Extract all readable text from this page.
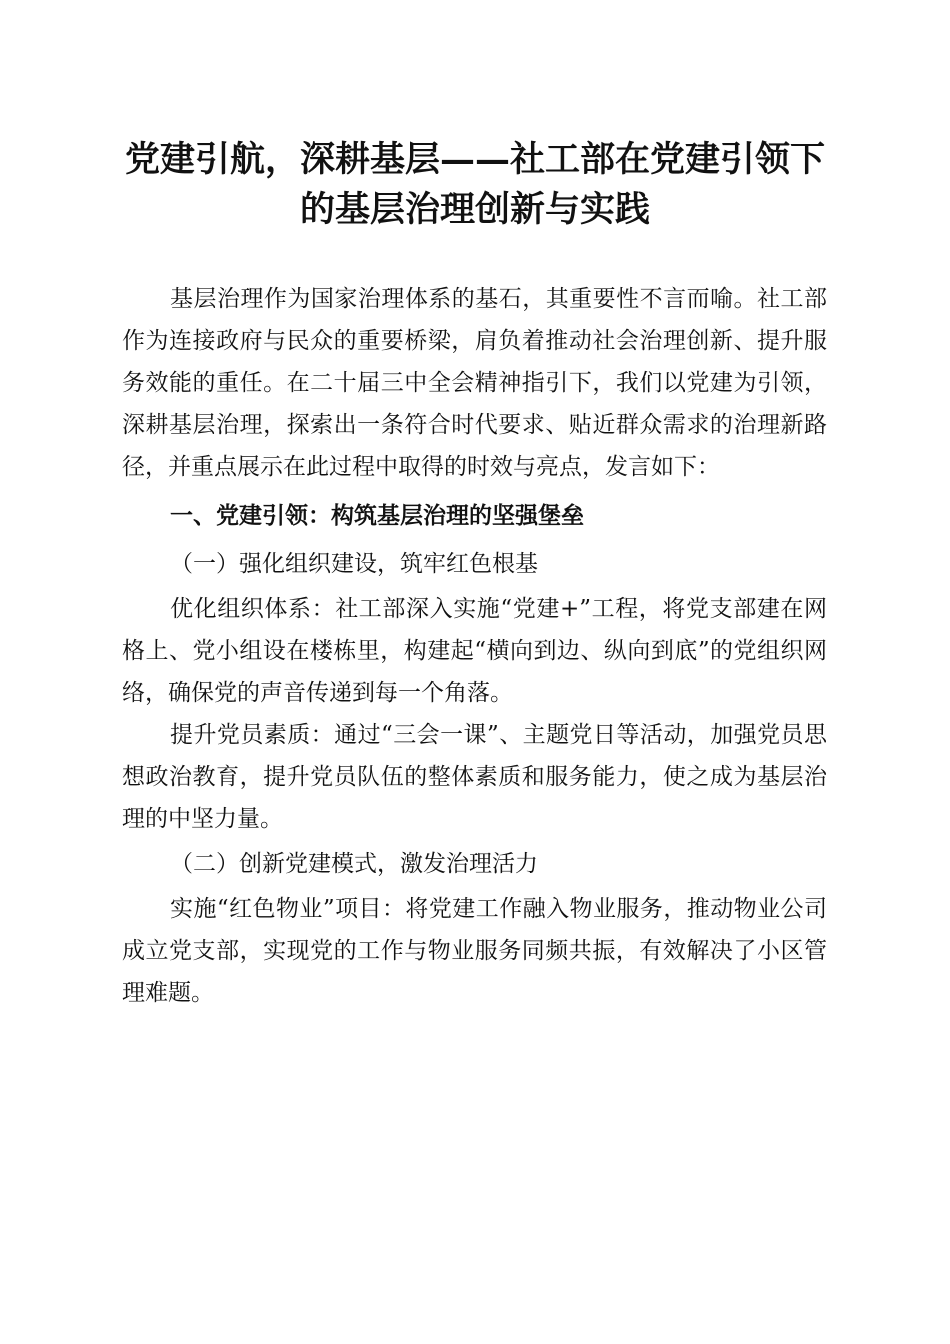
党建引航，深耕基层——社工部在党建引领下
的基层治理创新与实践

基层治理作为国家治理体系的基石，其重要性不言而喻。社工部作为连接政府与民众的重要桥梁，肩负着推动社会治理创新、提升服务效能的重任。在二十届三中全会精神指引下，我们以党建为引领，深耕基层治理，探索出一条符合时代要求、贴近群众需求的治理新路径，并重点展示在此过程中取得的时效与亮点，发言如下：

一、党建引领：构筑基层治理的坚强堡垒

（一）强化组织建设，筑牢红色根基

优化组织体系：社工部深入实施“党建+”工程，将党支部建在网格上、党小组设在楼栋里，构建起“横向到边、纵向到底”的党组织网络，确保党的声音传递到每一个角落。

提升党员素质：通过“三会一课”、主题党日等活动，加强党员思想政治教育，提升党员队伍的整体素质和服务能力，使之成为基层治理的中坚力量。

（二）创新党建模式，激发治理活力

实施“红色物业”项目：将党建工作融入物业服务，推动物业公司成立党支部，实现党的工作与物业服务同频共振，有效解决了小区管理难题。
